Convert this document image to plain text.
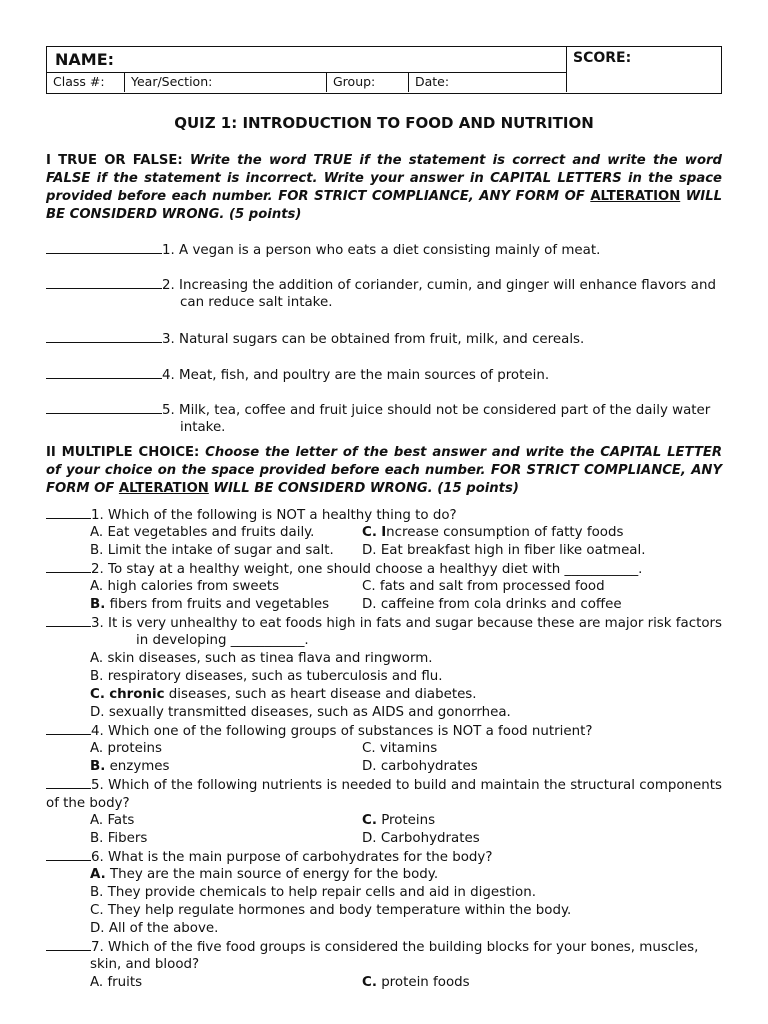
NAME:	SCORE:
Class #:	Year/Section:	Group:	Date:
QUIZ 1: INTRODUCTION TO FOOD AND NUTRITION
I TRUE OR FALSE: Write the word TRUE if the statement is correct and write the word FALSE if the statement is incorrect. Write your answer in CAPITAL LETTERS in the space provided before each number. FOR STRICT COMPLIANCE, ANY FORM OF ALTERATION WILL BE CONSIDERD WRONG. (5 points)
1. A vegan is a person who eats a diet consisting mainly of meat.
2. Increasing the addition of coriander, cumin, and ginger will enhance flavors and
can reduce salt intake.
3. Natural sugars can be obtained from fruit, milk, and cereals.
4. Meat, fish, and poultry are the main sources of protein.
5. Milk, tea, coffee and fruit juice should not be considered part of the daily water
intake.
II MULTIPLE CHOICE: Choose the letter of the best answer and write the CAPITAL LETTER of your choice on the space provided before each number. FOR STRICT COMPLIANCE, ANY FORM OF ALTERATION WILL BE CONSIDERD WRONG. (15 points)
1. Which of the following is NOT a healthy thing to do?
A. Eat vegetables and fruits daily.	C. Increase consumption of fatty foods
B. Limit the intake of sugar and salt. D. Eat breakfast high in fiber like oatmeal.
2. To stay at a healthy weight, one should choose a healthyy diet with ___________.
A. high calories from sweets	C. fats and salt from processed food
B. fibers from fruits and vegetables D. caffeine from cola drinks and coffee
3. It is very unhealthy to eat foods high in fats and sugar because these are major risk factors
in developing ___________.
A. skin diseases, such as tinea flava and ringworm.
B. respiratory diseases, such as tuberculosis and flu.
C. chronic diseases, such as heart disease and diabetes.
D. sexually transmitted diseases, such as AIDS and gonorrhea.
4. Which one of the following groups of substances is NOT a food nutrient?
A. proteins	C. vitamins
B. enzymes	D. carbohydrates
5. Which of the following nutrients is needed to build and maintain the structural components of the body?
A. Fats	C. Proteins
B. Fibers	D. Carbohydrates
6. What is the main purpose of carbohydrates for the body?
A. They are the main source of energy for the body.
B. They provide chemicals to help repair cells and aid in digestion.
C. They help regulate hormones and body temperature within the body.
D. All of the above.
7. Which of the five food groups is considered the building blocks for your bones, muscles,
skin, and blood?
A. fruits	C. protein foods
